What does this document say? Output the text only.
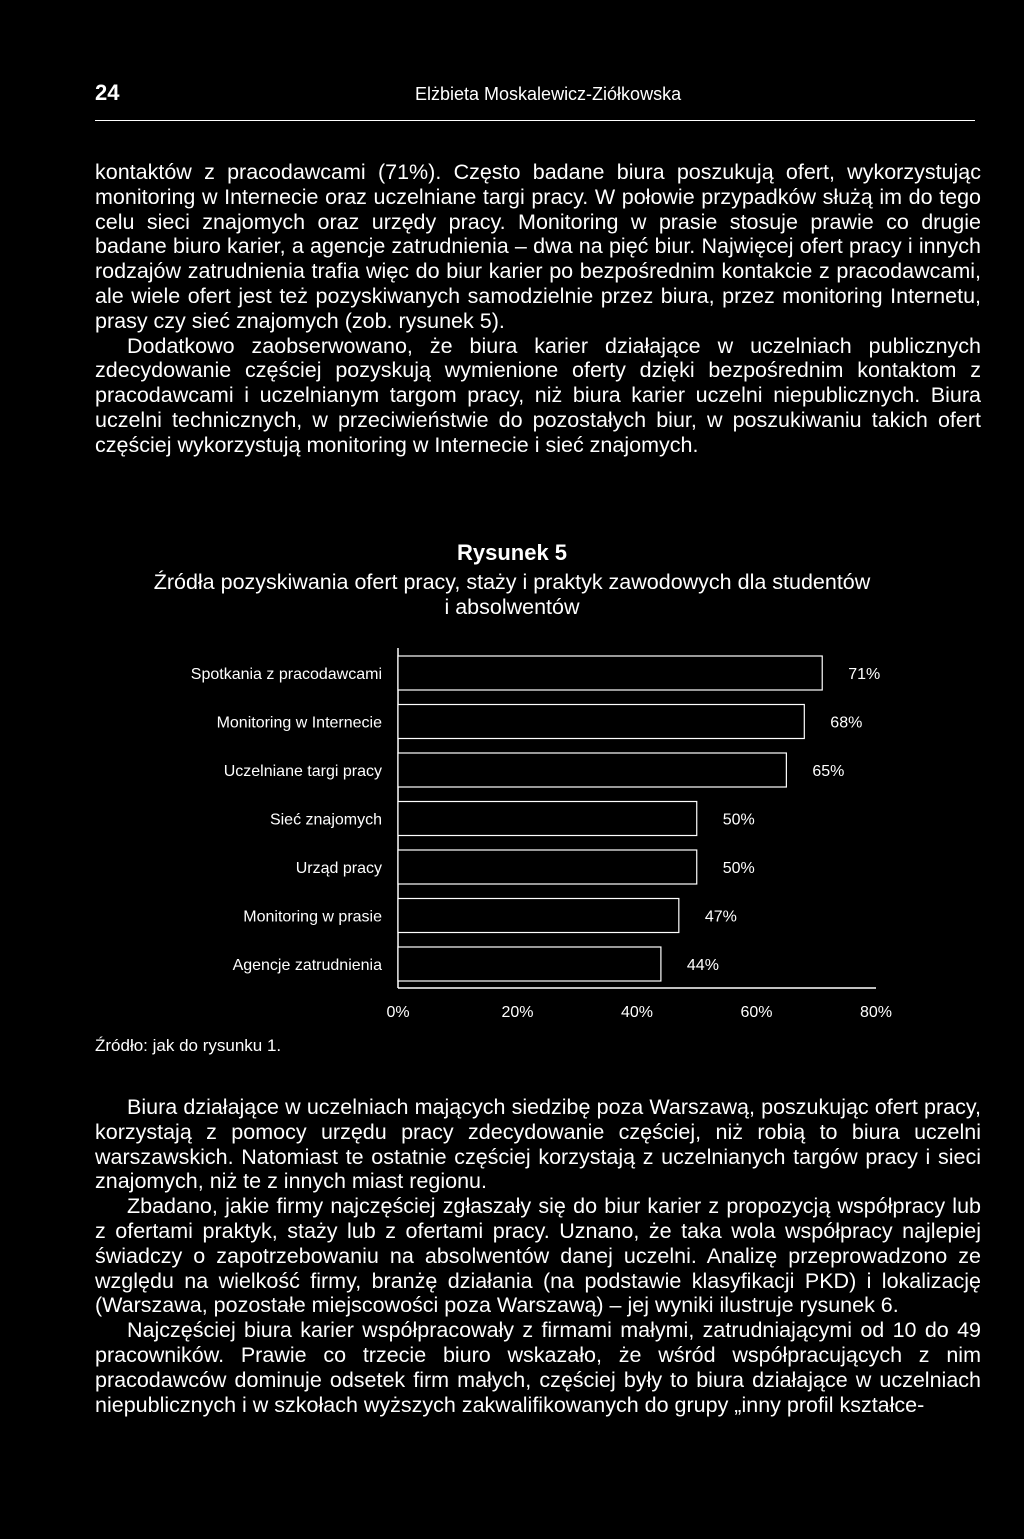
24	Elżbieta Moskalewicz-Ziółkowska

kontaktów z pracodawcami (71%). Często badane biura poszukują ofert, wykorzystując monitoring w Internecie oraz uczelniane targi pracy. W połowie przypadków służą im do tego celu sieci znajomych oraz urzędy pracy. Monitoring w prasie stosuje prawie co drugie badane biuro karier, a agencje zatrudnienia – dwa na pięć biur. Najwięcej ofert pracy i innych rodzajów zatrudnienia trafia więc do biur karier po bezpośrednim kontakcie z pracodawcami, ale wiele ofert jest też pozyskiwanych samodzielnie przez biura, przez monitoring Internetu, prasy czy sieć znajomych (zob. rysunek 5).

Dodatkowo zaobserwowano, że biura karier działające w uczelniach publicznych zdecydowanie częściej pozyskują wymienione oferty dzięki bezpośrednim kontaktom z pracodawcami i uczelnianym targom pracy, niż biura karier uczelni niepublicznych. Biura uczelni technicznych, w przeciwieństwie do pozostałych biur, w poszukiwaniu takich ofert częściej wykorzystują monitoring w Internecie i sieć znajomych.

Rysunek 5
Źródła pozyskiwania ofert pracy, staży i praktyk zawodowych dla studentów i absolwentów
Spotkania z pracodawcami	71%
Monitoring w Internecie	68%
Uczelniane targi pracy	65%
Sieć znajomych	50%
Urząd pracy	50%
Monitoring w prasie	47%
Agencje zatrudnienia	44%
0%	20%	40%	60%	80%
Źródło: jak do rysunku 1.

Biura działające w uczelniach mających siedzibę poza Warszawą, poszukując ofert pracy, korzystają z pomocy urzędu pracy zdecydowanie częściej, niż robią to biura uczelni warszawskich. Natomiast te ostatnie częściej korzystają z uczelnianych targów pracy i sieci znajomych, niż te z innych miast regionu.

Zbadano, jakie firmy najczęściej zgłaszały się do biur karier z propozycją współpracy lub z ofertami praktyk, staży lub z ofertami pracy. Uznano, że taka wola współpracy najlepiej świadczy o zapotrzebowaniu na absolwentów danej uczelni. Analizę przeprowadzono ze względu na wielkość firmy, branżę działania (na podstawie klasyfikacji PKD) i lokalizację (Warszawa, pozostałe miejscowości poza Warszawą) – jej wyniki ilustruje rysunek 6.

Najczęściej biura karier współpracowały z firmami małymi, zatrudniającymi od 10 do 49 pracowników. Prawie co trzecie biuro wskazało, że wśród współpracujących z nim pracodawców dominuje odsetek firm małych, częściej były to biura działające w uczelniach niepublicznych i w szkołach wyższych zakwalifikowanych do grupy „inny profil kształce-
